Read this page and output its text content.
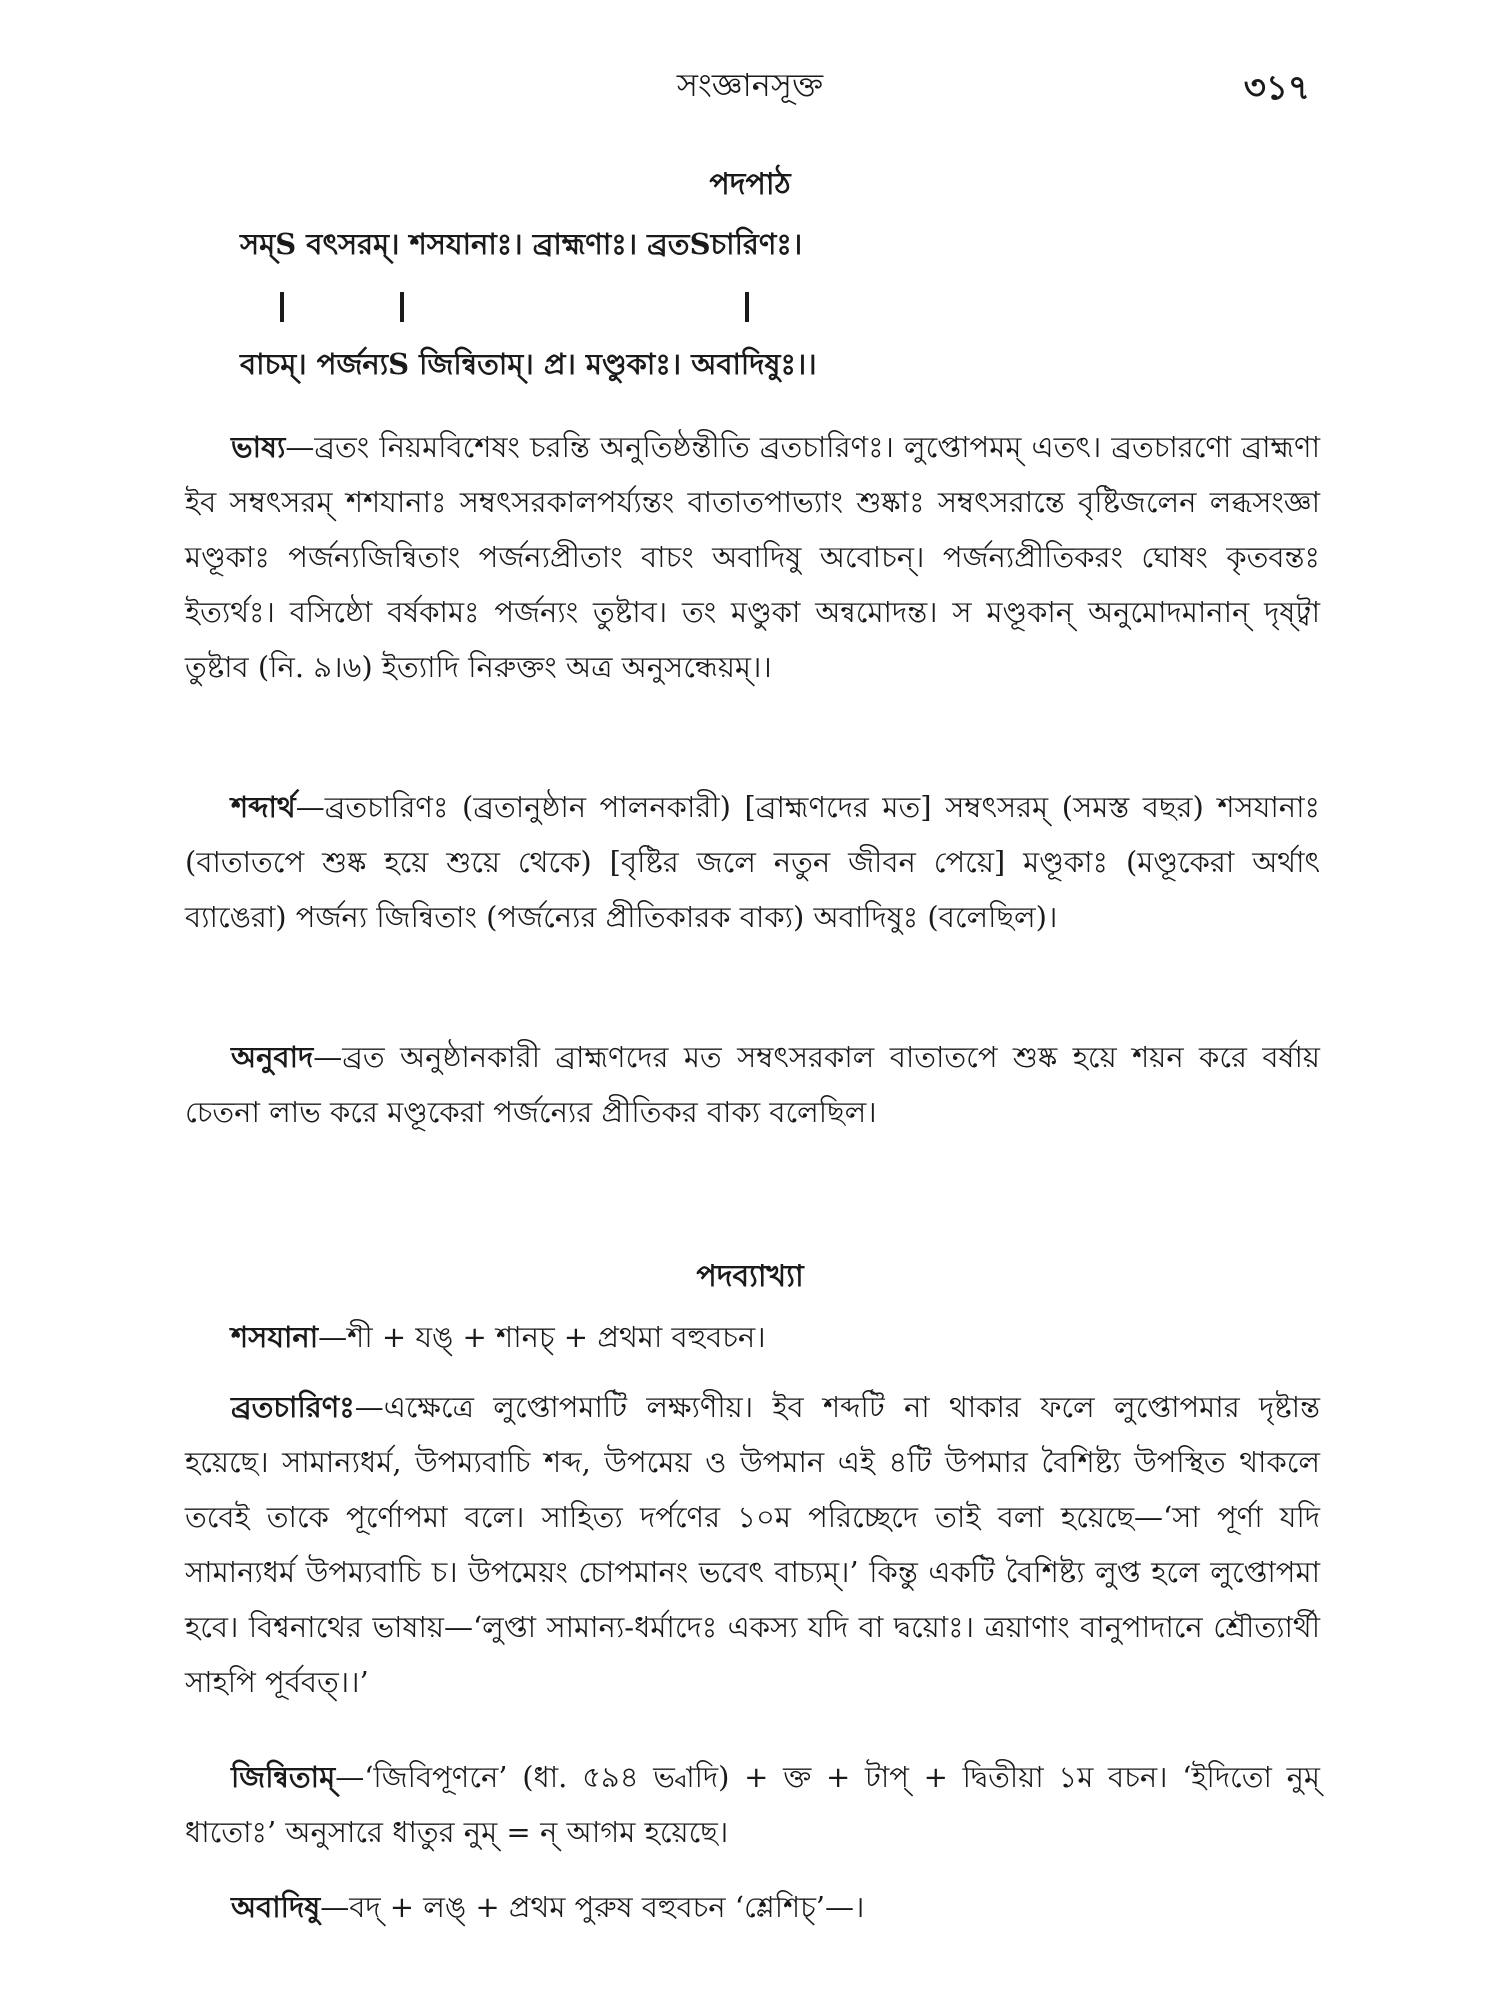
সংজ্ঞানসূক্ত	৩১৭
পদপাঠ
সম্S বৎসরম্। শসযানাঃ। ব্রাহ্মণাঃ। ব্রতSচারিণঃ।
বাচম্। পর্জন্যS জিন্বিতাম্। প্র। মণ্ডুকাঃ। অবাদিষুঃ।।
ভাষ্য—ব্রতং নিয়মবিশেষং চরন্তি অনুতিষ্ঠন্তীতি ব্রতচারিণঃ। লুপ্তোপমম্ এতৎ। ব্রতচারণো ব্রাহ্মণা ইব সম্বৎসরম্ শশযানাঃ সম্বৎসরকালপর্য্যন্তং বাতাতপাভ্যাং শুষ্কাঃ সম্বৎসরান্তে বৃষ্টিজলেন লব্ধসংজ্ঞা মণ্ডূকাঃ পর্জন্যজিন্বিতাং পর্জন্যপ্রীতাং বাচং অবাদিষু অবোচন্। পর্জন্যপ্রীতিকরং ঘোষং কৃতবন্তঃ ইত্যর্থঃ। বসিষ্ঠো বর্ষকামঃ পর্জন্যং তুষ্টাব। তং মণ্ডুকা অন্বমোদন্ত। স মণ্ডূকান্ অনুমোদমানান্ দৃষ্ট্বা তুষ্টাব (নি. ৯।৬) ইত্যাদি নিরুক্তং অত্র অনুসন্ধেয়ম্।।
শব্দার্থ—ব্রতচারিণঃ (ব্রতানুষ্ঠান পালনকারী) [ব্রাহ্মণদের মত] সম্বৎসরম্ (সমস্ত বছর) শসযানাঃ (বাতাতপে শুষ্ক হয়ে শুয়ে থেকে) [বৃষ্টির জলে নতুন জীবন পেয়ে] মণ্ডূকাঃ (মণ্ডূকেরা অর্থাৎ ব্যাঙেরা) পর্জন্য জিন্বিতাং (পর্জন্যের প্রীতিকারক বাক্য) অবাদিষুঃ (বলেছিল)।
অনুবাদ—ব্রত অনুষ্ঠানকারী ব্রাহ্মণদের মত সম্বৎসরকাল বাতাতপে শুষ্ক হয়ে শয়ন করে বর্ষায় চেতনা লাভ করে মণ্ডূকেরা পর্জন্যের প্রীতিকর বাক্য বলেছিল।
পদব্যাখ্যা
শসযানা—শী + যঙ্ + শানচ্ + প্রথমা বহুবচন।
ব্রতচারিণঃ—এক্ষেত্রে লুপ্তোপমাটি লক্ষ্যণীয়। ইব শব্দটি না থাকার ফলে লুপ্তোপমার দৃষ্টান্ত হয়েছে। সামান্যধর্ম, উপম্যবাচি শব্দ, উপমেয় ও উপমান এই ৪টি উপমার বৈশিষ্ট্য উপস্থিত থাকলে তবেই তাকে পূর্ণোপমা বলে। সাহিত্য দর্পণের ১০ম পরিচ্ছেদে তাই বলা হয়েছে—‘সা পূর্ণা যদি সামান্যধর্ম উপম্যবাচি চ। উপমেয়ং চোপমানং ভবেৎ বাচ্যম্।’ কিন্তু একটি বৈশিষ্ট্য লুপ্ত হলে লুপ্তোপমা হবে। বিশ্বনাথের ভাষায়—‘লুপ্তা সামান্য-ধর্মাদেঃ একস্য যদি বা দ্বয়োঃ। ত্রয়াণাং বানুপাদানে শ্রৌত্যার্থী সাহপি পূর্ববত্।।’
জিন্বিতাম্—‘জিবিপূণনে’ (ধা. ৫৯৪ ভ্বাদি) + ক্ত + টাপ্ + দ্বিতীয়া ১ম বচন। ‘ইদিতো নুম্ ধাতোঃ’ অনুসারে ধাতুর নুম্ = ন্ আগম হয়েছে।
অবাদিষু—বদ্ + লঙ্ + প্রথম পুরুষ বহুবচন ‘শ্লেশিচ্’—।
